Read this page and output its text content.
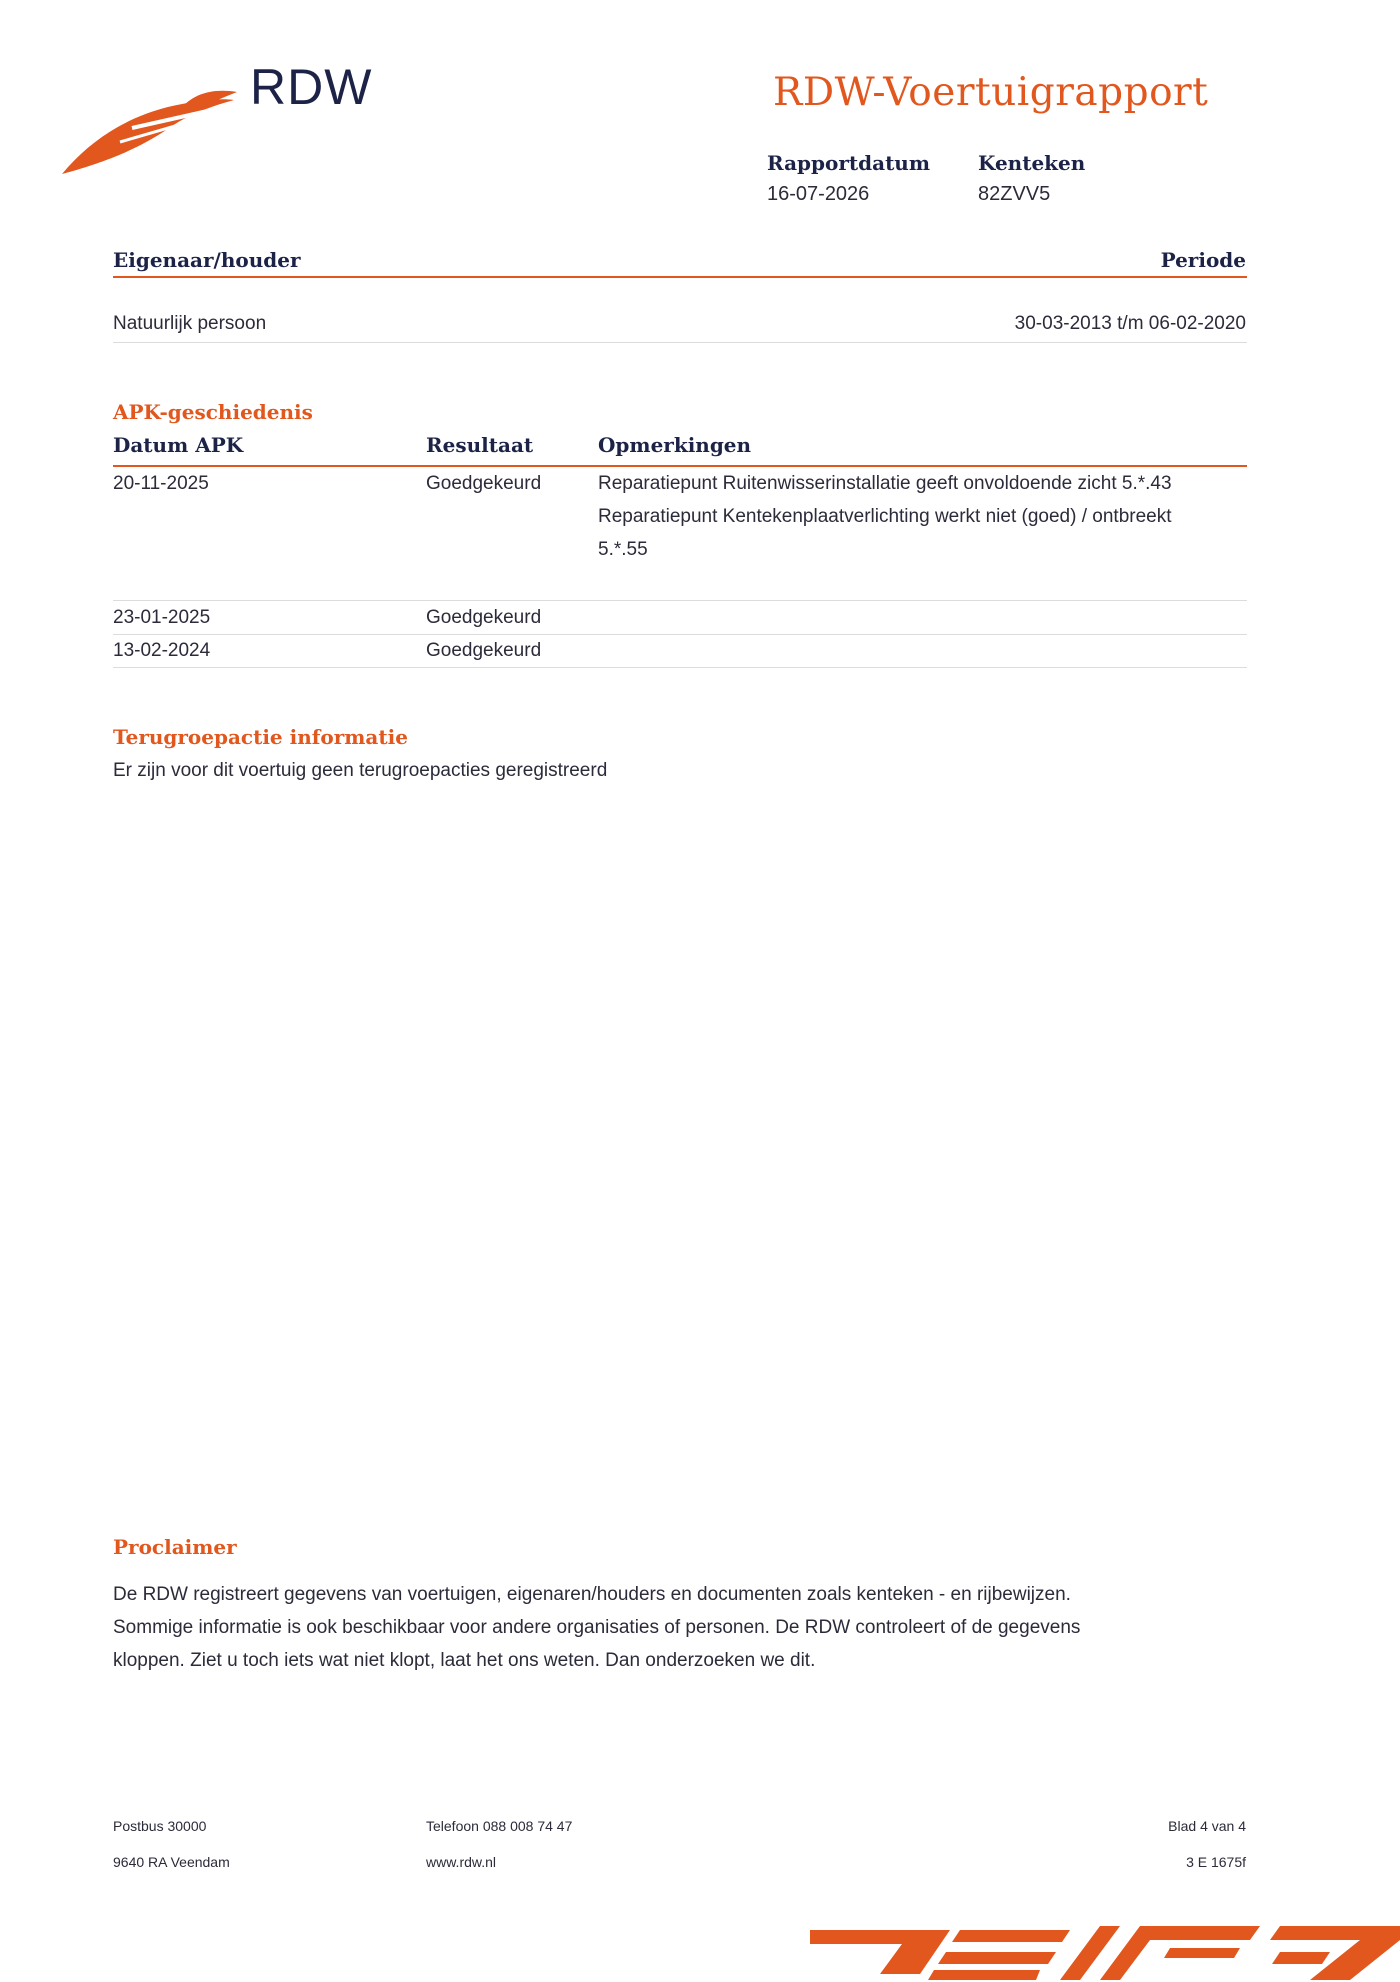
RDW	RDW-Voertuigrapport
Rapportdatum
16-07-2026
Kenteken
82ZVV5
Eigenaar/houder	Periode
Natuurlijk persoon	30-03-2013 t/m 06-02-2020
APK-geschiedenis
Datum APK	Resultaat	Opmerkingen
20-11-2025	Goedgekeurd	Reparatiepunt Ruitenwisserinstallatie geeft onvoldoende zicht 5.*.43
Reparatiepunt Kentekenplaatverlichting werkt niet (goed) / ontbreekt 5.*.55
23-01-2025	Goedgekeurd
13-02-2024	Goedgekeurd
Terugroepactie informatie
Er zijn voor dit voertuig geen terugroepacties geregistreerd
Proclaimer
De RDW registreert gegevens van voertuigen, eigenaren/houders en documenten zoals kenteken - en rijbewijzen.
Sommige informatie is ook beschikbaar voor andere organisaties of personen. De RDW controleert of de gegevens
kloppen. Ziet u toch iets wat niet klopt, laat het ons weten. Dan onderzoeken we dit.
Postbus 30000
9640 RA Veendam
Telefoon 088 008 74 47
www.rdw.nl
Blad 4 van 4
3 E 1675f
